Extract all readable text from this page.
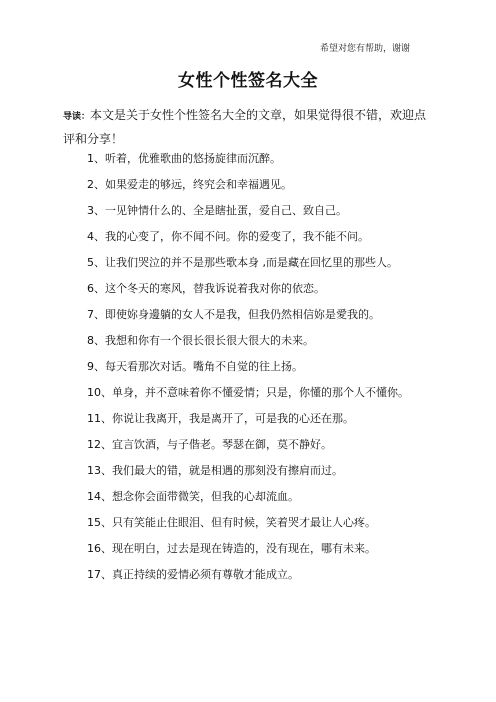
希望对您有帮助，谢谢
女性个性签名大全
导读：本文是关于女性个性签名大全的文章，如果觉得很不错，欢迎点评和分享！
1、听着，优雅歌曲的悠扬旋律而沉醉。
2、如果爱走的够远，终究会和幸福遇见。
3、一见钟情什么的、全是瞎扯蛋，爱自己、致自己。
4、我的心变了，你不闻不问。你的爱变了，我不能不问。
5、让我们哭泣的并不是那些歌本身 ,而是藏在回忆里的那些人。
6、这个冬天的寒风，替我诉说着我对你的依恋。
7、即使妳身邊躺的女人不是我，但我仍然相信妳是愛我的。
8、我想和你有一个很长很长很大很大的未来。
9、每天看那次对话。嘴角不自觉的往上扬。
10、单身，并不意味着你不懂爱情；只是，你懂的那个人不懂你。
11、你说让我离开，我是离开了，可是我的心还在那。
12、宜言饮酒，与子偕老。琴瑟在御，莫不静好。
13、我们最大的错，就是相遇的那刻没有擦肩而过。
14、想念你会面带微笑，但我的心却流血。
15、只有笑能止住眼泪、但有时候，笑着哭才最让人心疼。
16、现在明白，过去是现在铸造的，没有现在，哪有未来。
17、真正持续的爱情必须有尊敬才能成立。
